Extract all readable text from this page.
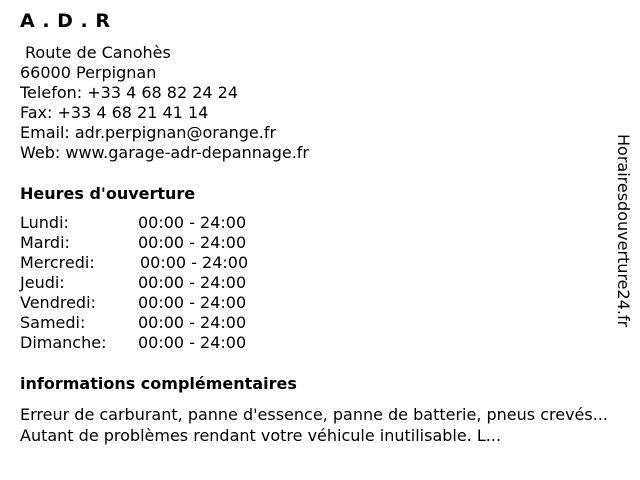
A . D . R
Route de Canohès
66000 Perpignan
Telefon: +33 4 68 82 24 24
Fax: +33 4 68 21 41 14
Email: adr.perpignan@orange.fr
Web: www.garage-adr-depannage.fr
Heures d'ouverture
Lundi:	00:00 - 24:00
Mardi:	00:00 - 24:00
Mercredi:	00:00 - 24:00
Jeudi:	00:00 - 24:00
Vendredi:	00:00 - 24:00
Samedi:	00:00 - 24:00
Dimanche: 00:00 - 24:00
informations complémentaires
Erreur de carburant, panne d'essence, panne de batterie, pneus crevés... Autant de problèmes rendant votre véhicule inutilisable. L...
Horairesdouverture24.fr
